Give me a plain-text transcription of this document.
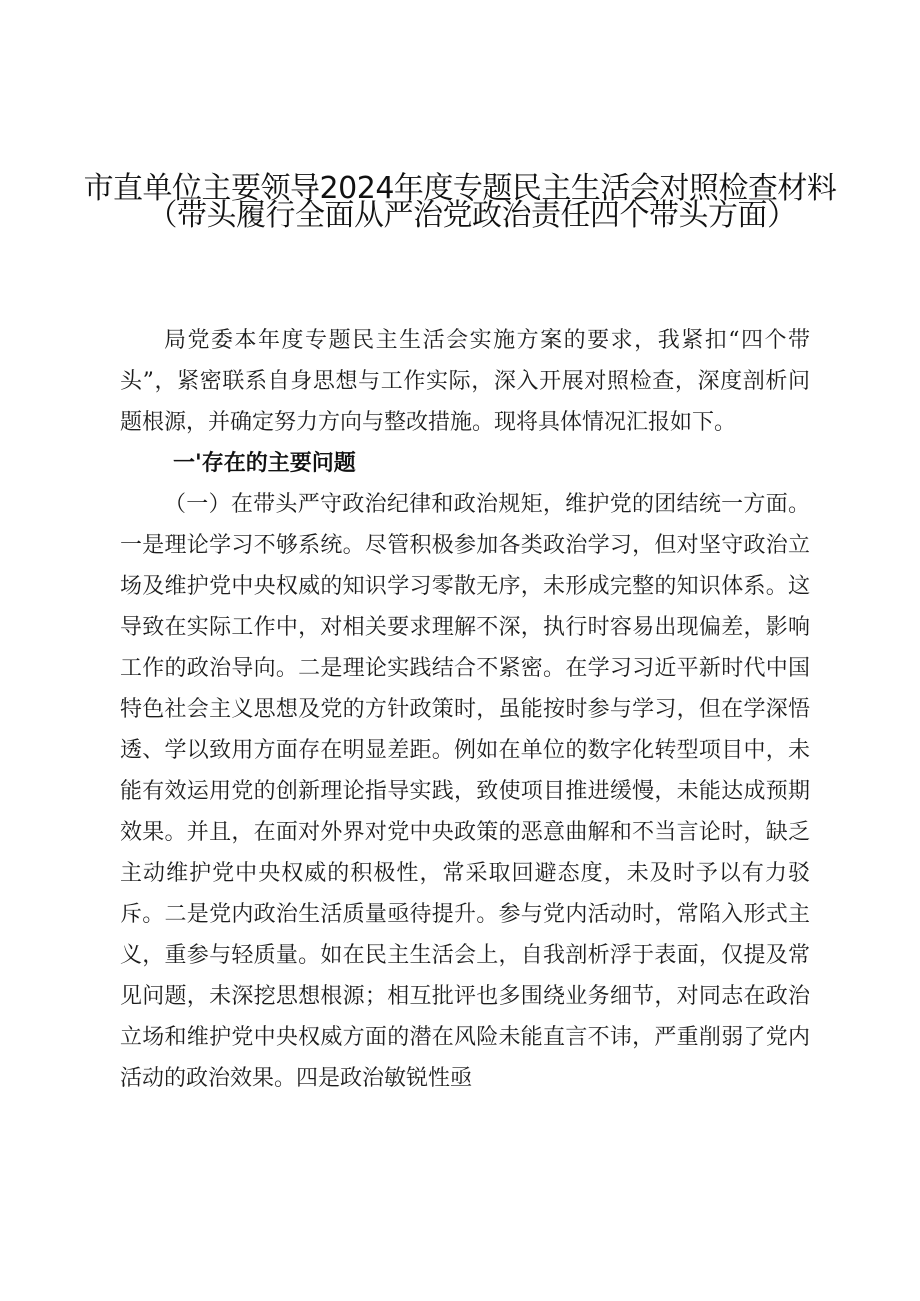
市直单位主要领导2024年度专题民主生活会对照检查材料
（带头履行全面从严治党政治责任四个带头方面）

局党委本年度专题民主生活会实施方案的要求，我紧扣“四个带头”，紧密联系自身思想与工作实际，深入开展对照检查，深度剖析问题根源，并确定努力方向与整改措施。现将具体情况汇报如下。

一'存在的主要问题

（一）在带头严守政治纪律和政治规矩，维护党的团结统一方面。一是理论学习不够系统。尽管积极参加各类政治学习，但对坚守政治立场及维护党中央权威的知识学习零散无序，未形成完整的知识体系。这导致在实际工作中，对相关要求理解不深，执行时容易出现偏差，影响工作的政治导向。二是理论实践结合不紧密。在学习习近平新时代中国特色社会主义思想及党的方针政策时，虽能按时参与学习，但在学深悟透、学以致用方面存在明显差距。例如在单位的数字化转型项目中，未能有效运用党的创新理论指导实践，致使项目推进缓慢，未能达成预期效果。并且，在面对外界对党中央政策的恶意曲解和不当言论时，缺乏主动维护党中央权威的积极性，常采取回避态度，未及时予以有力驳斥。二是党内政治生活质量亟待提升。参与党内活动时，常陷入形式主义，重参与轻质量。如在民主生活会上，自我剖析浮于表面，仅提及常见问题，未深挖思想根源；相互批评也多围绕业务细节，对同志在政治立场和维护党中央权威方面的潜在风险未能直言不讳，严重削弱了党内活动的政治效果。四是政治敏锐性亟
